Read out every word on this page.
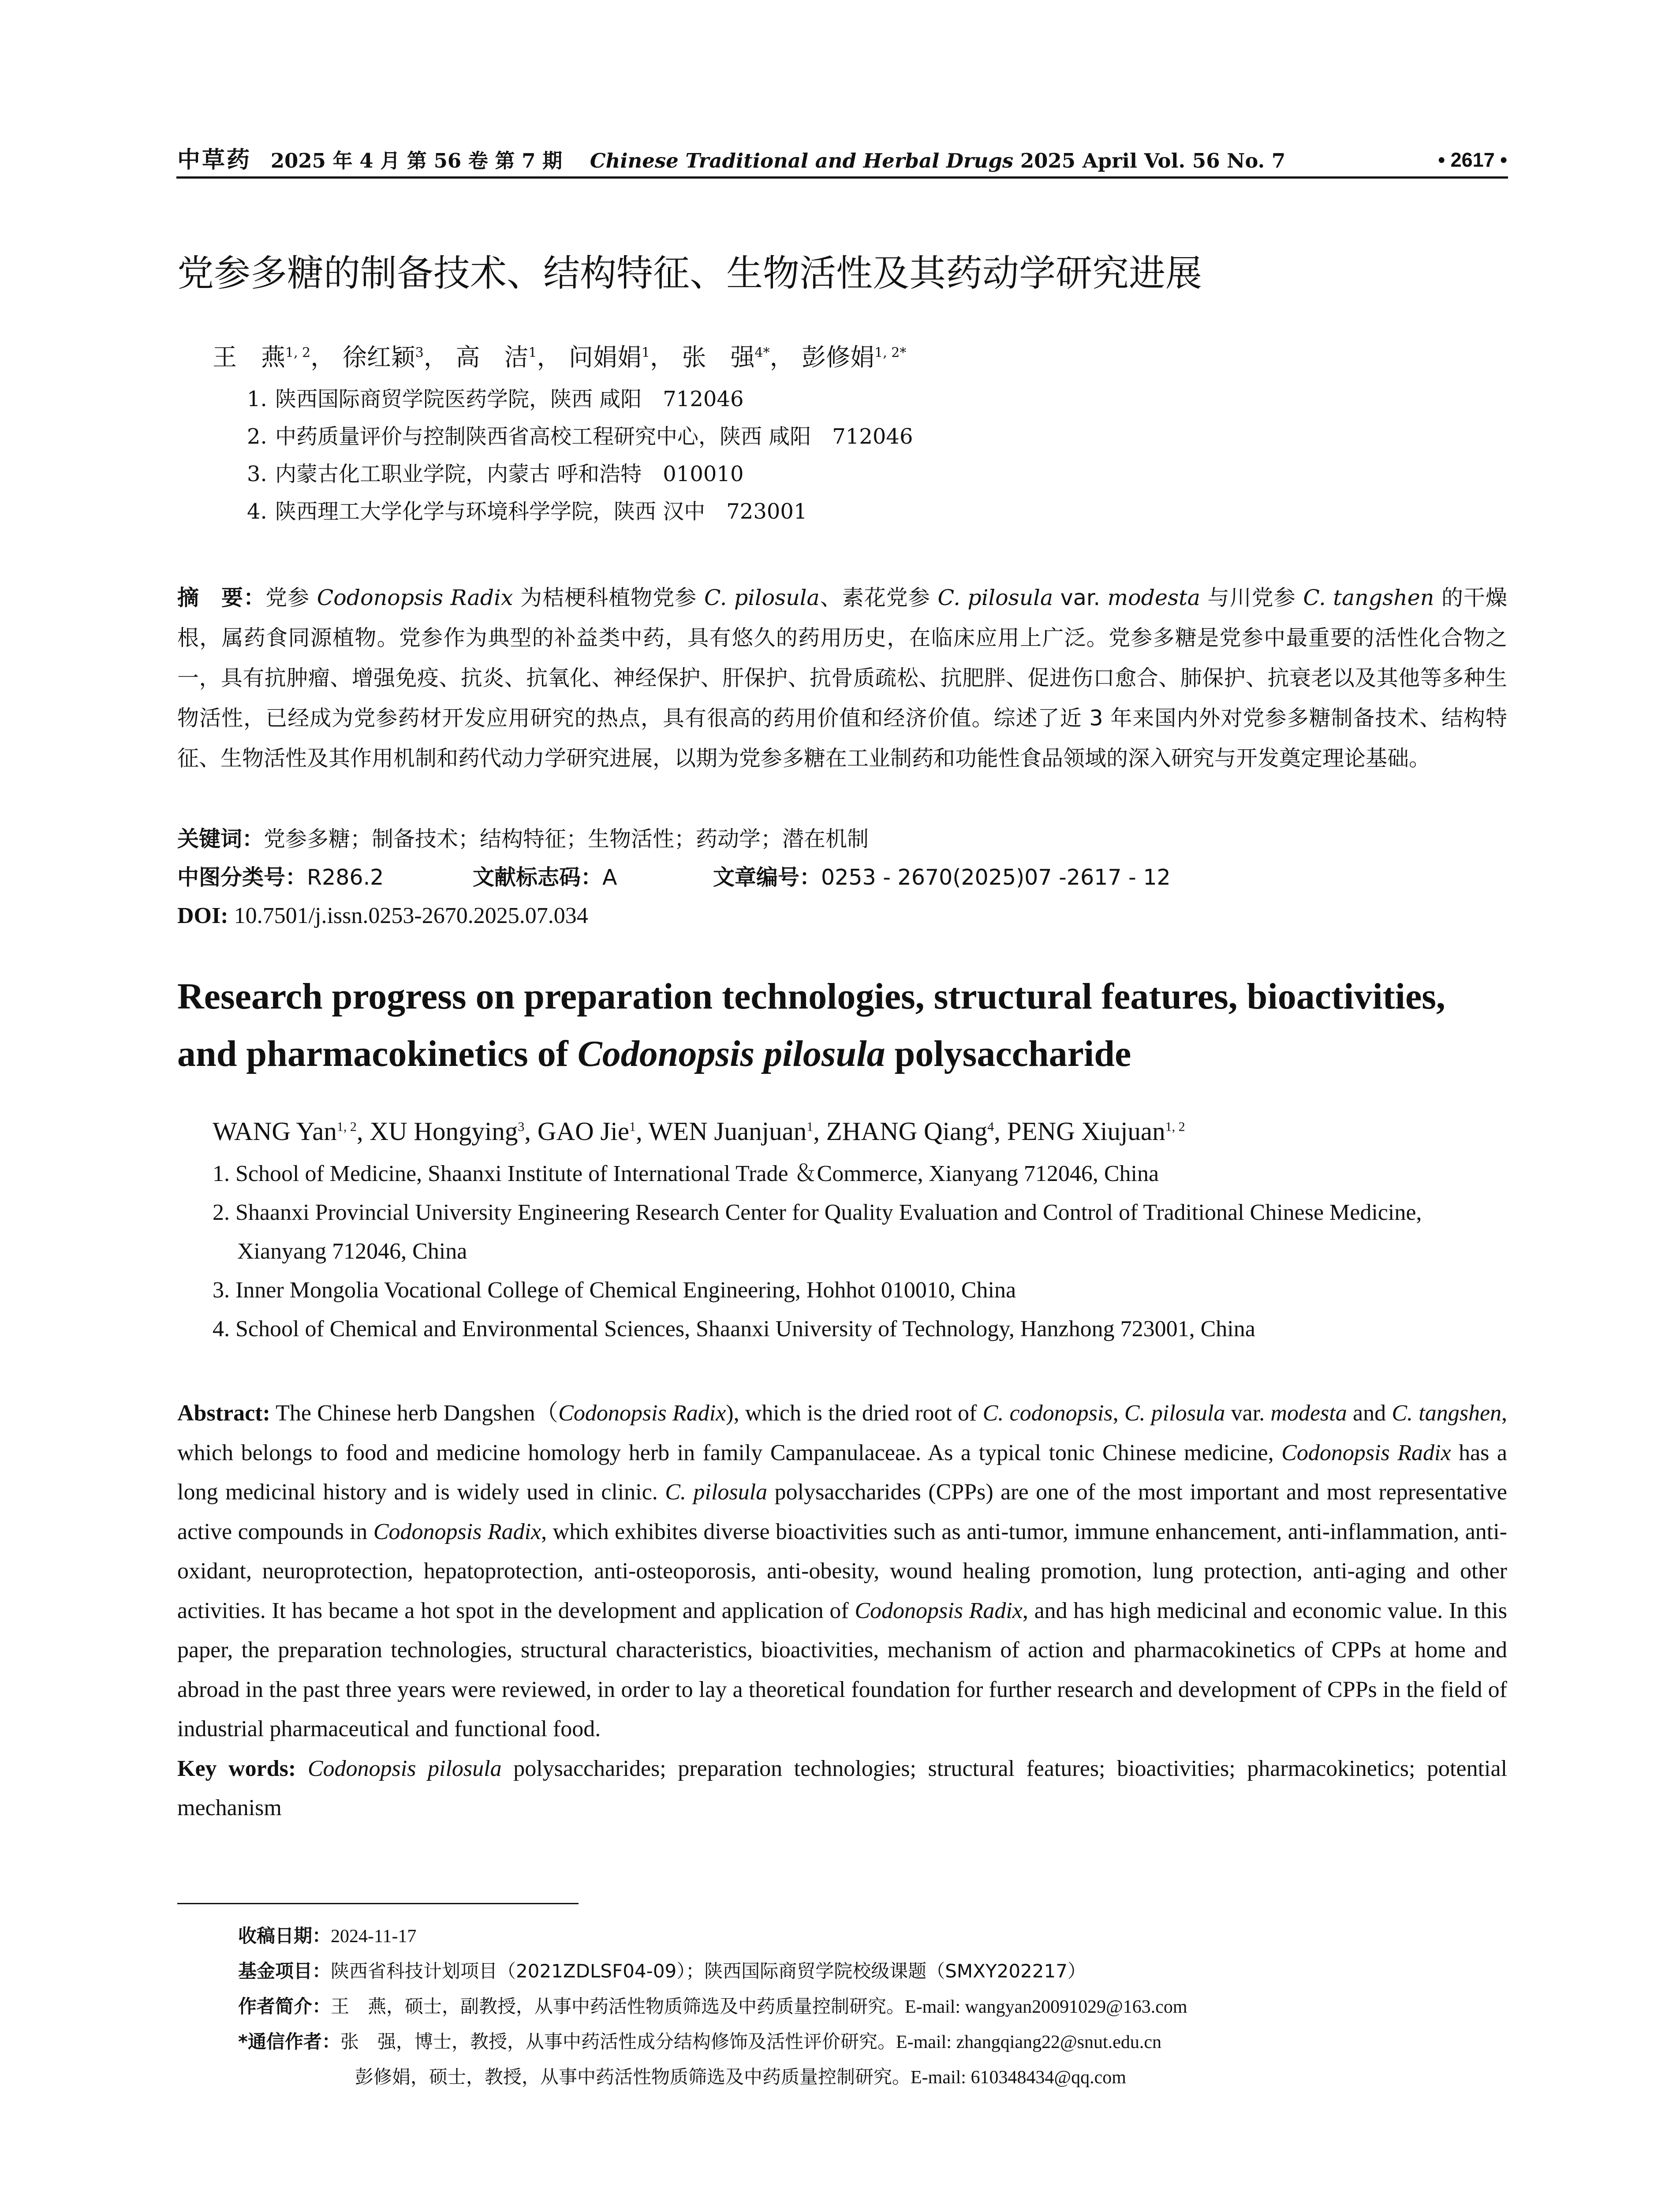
中草药 2025 年 4 月 第 56 卷 第 7 期 Chinese Traditional and Herbal Drugs 2025 April Vol. 56 No. 7	• 2617 •
党参多糖的制备技术、结构特征、生物活性及其药动学研究进展
王　燕$^{1, 2}$， 徐红颖$^3$， 高　洁$^1$， 问娟娟$^1$， 张　强$^{4*}$， 彭修娟$^{1, 2*}$
1. 陕西国际商贸学院医药学院，陕西 咸阳　712046
2. 中药质量评价与控制陕西省高校工程研究中心，陕西 咸阳　712046
3. 内蒙古化工职业学院，内蒙古 呼和浩特　010010
4. 陕西理工大学化学与环境科学学院，陕西 汉中　723001
摘　要：党参 Codonopsis Radix 为桔梗科植物党参 C. pilosula、素花党参 C. pilosula var. modesta 与川党参 C. tangshen 的干燥根，属药食同源植物。党参作为典型的补益类中药，具有悠久的药用历史，在临床应用上广泛。党参多糖是党参中最重要的活性化合物之一，具有抗肿瘤、增强免疫、抗炎、抗氧化、神经保护、肝保护、抗骨质疏松、抗肥胖、促进伤口愈合、肺保护、抗衰老以及其他等多种生物活性，已经成为党参药材开发应用研究的热点，具有很高的药用价值和经济价值。综述了近 3 年来国内外对党参多糖制备技术、结构特征、生物活性及其作用机制和药代动力学研究进展，以期为党参多糖在工业制药和功能性食品领域的深入研究与开发奠定理论基础。
关键词：党参多糖；制备技术；结构特征；生物活性；药动学；潜在机制
中图分类号：R286.2	文献标志码：A	文章编号：0253 - 2670(2025)07 -2617 - 12
DOI: 10.7501/j.issn.0253-2670.2025.07.034
Research progress on preparation technologies, structural features, bioactivities,
and pharmacokinetics of Codonopsis pilosula polysaccharide
WANG Yan$^{1, 2}$, XU Hongying$^3$, GAO Jie$^1$, WEN Juanjuan$^1$, ZHANG Qiang$^4$, PENG Xiujuan$^{1, 2}$
1. School of Medicine, Shaanxi Institute of International Trade ＆Commerce, Xianyang 712046, China
2. Shaanxi Provincial University Engineering Research Center for Quality Evaluation and Control of Traditional Chinese Medicine, Xianyang 712046, China
3. Inner Mongolia Vocational College of Chemical Engineering, Hohhot 010010, China
4. School of Chemical and Environmental Sciences, Shaanxi University of Technology, Hanzhong 723001, China
Abstract: The Chinese herb Dangshen（Codonopsis Radix), which is the dried root of C. codonopsis, C. pilosula var. modesta and C. tangshen, which belongs to food and medicine homology herb in family Campanulaceae. As a typical tonic Chinese medicine, Codonopsis Radix has a long medicinal history and is widely used in clinic. C. pilosula polysaccharides (CPPs) are one of the most important and most representative active compounds in Codonopsis Radix, which exhibites diverse bioactivities such as anti-tumor, immune enhancement, anti-inflammation, anti-oxidant, neuroprotection, hepatoprotection, anti-osteoporosis, anti-obesity, wound healing promotion, lung protection, anti-aging and other activities. It has became a hot spot in the development and application of Codonopsis Radix, and has high medicinal and economic value. In this paper, the preparation technologies, structural characteristics, bioactivities, mechanism of action and pharmacokinetics of CPPs at home and abroad in the past three years were reviewed, in order to lay a theoretical foundation for further research and development of CPPs in the field of industrial pharmaceutical and functional food.
Key words: Codonopsis pilosula polysaccharides; preparation technologies; structural features; bioactivities; pharmacokinetics; potential mechanism
收稿日期：2024-11-17
基金项目：陕西省科技计划项目（2021ZDLSF04-09）；陕西国际商贸学院校级课题（SMXY202217）
作者简介：王　燕，硕士，副教授，从事中药活性物质筛选及中药质量控制研究。E-mail: wangyan20091029@163.com
*通信作者：张　强，博士，教授，从事中药活性成分结构修饰及活性评价研究。E-mail: zhangqiang22@snut.edu.cn
彭修娟，硕士，教授，从事中药活性物质筛选及中药质量控制研究。E-mail: 610348434@qq.com
